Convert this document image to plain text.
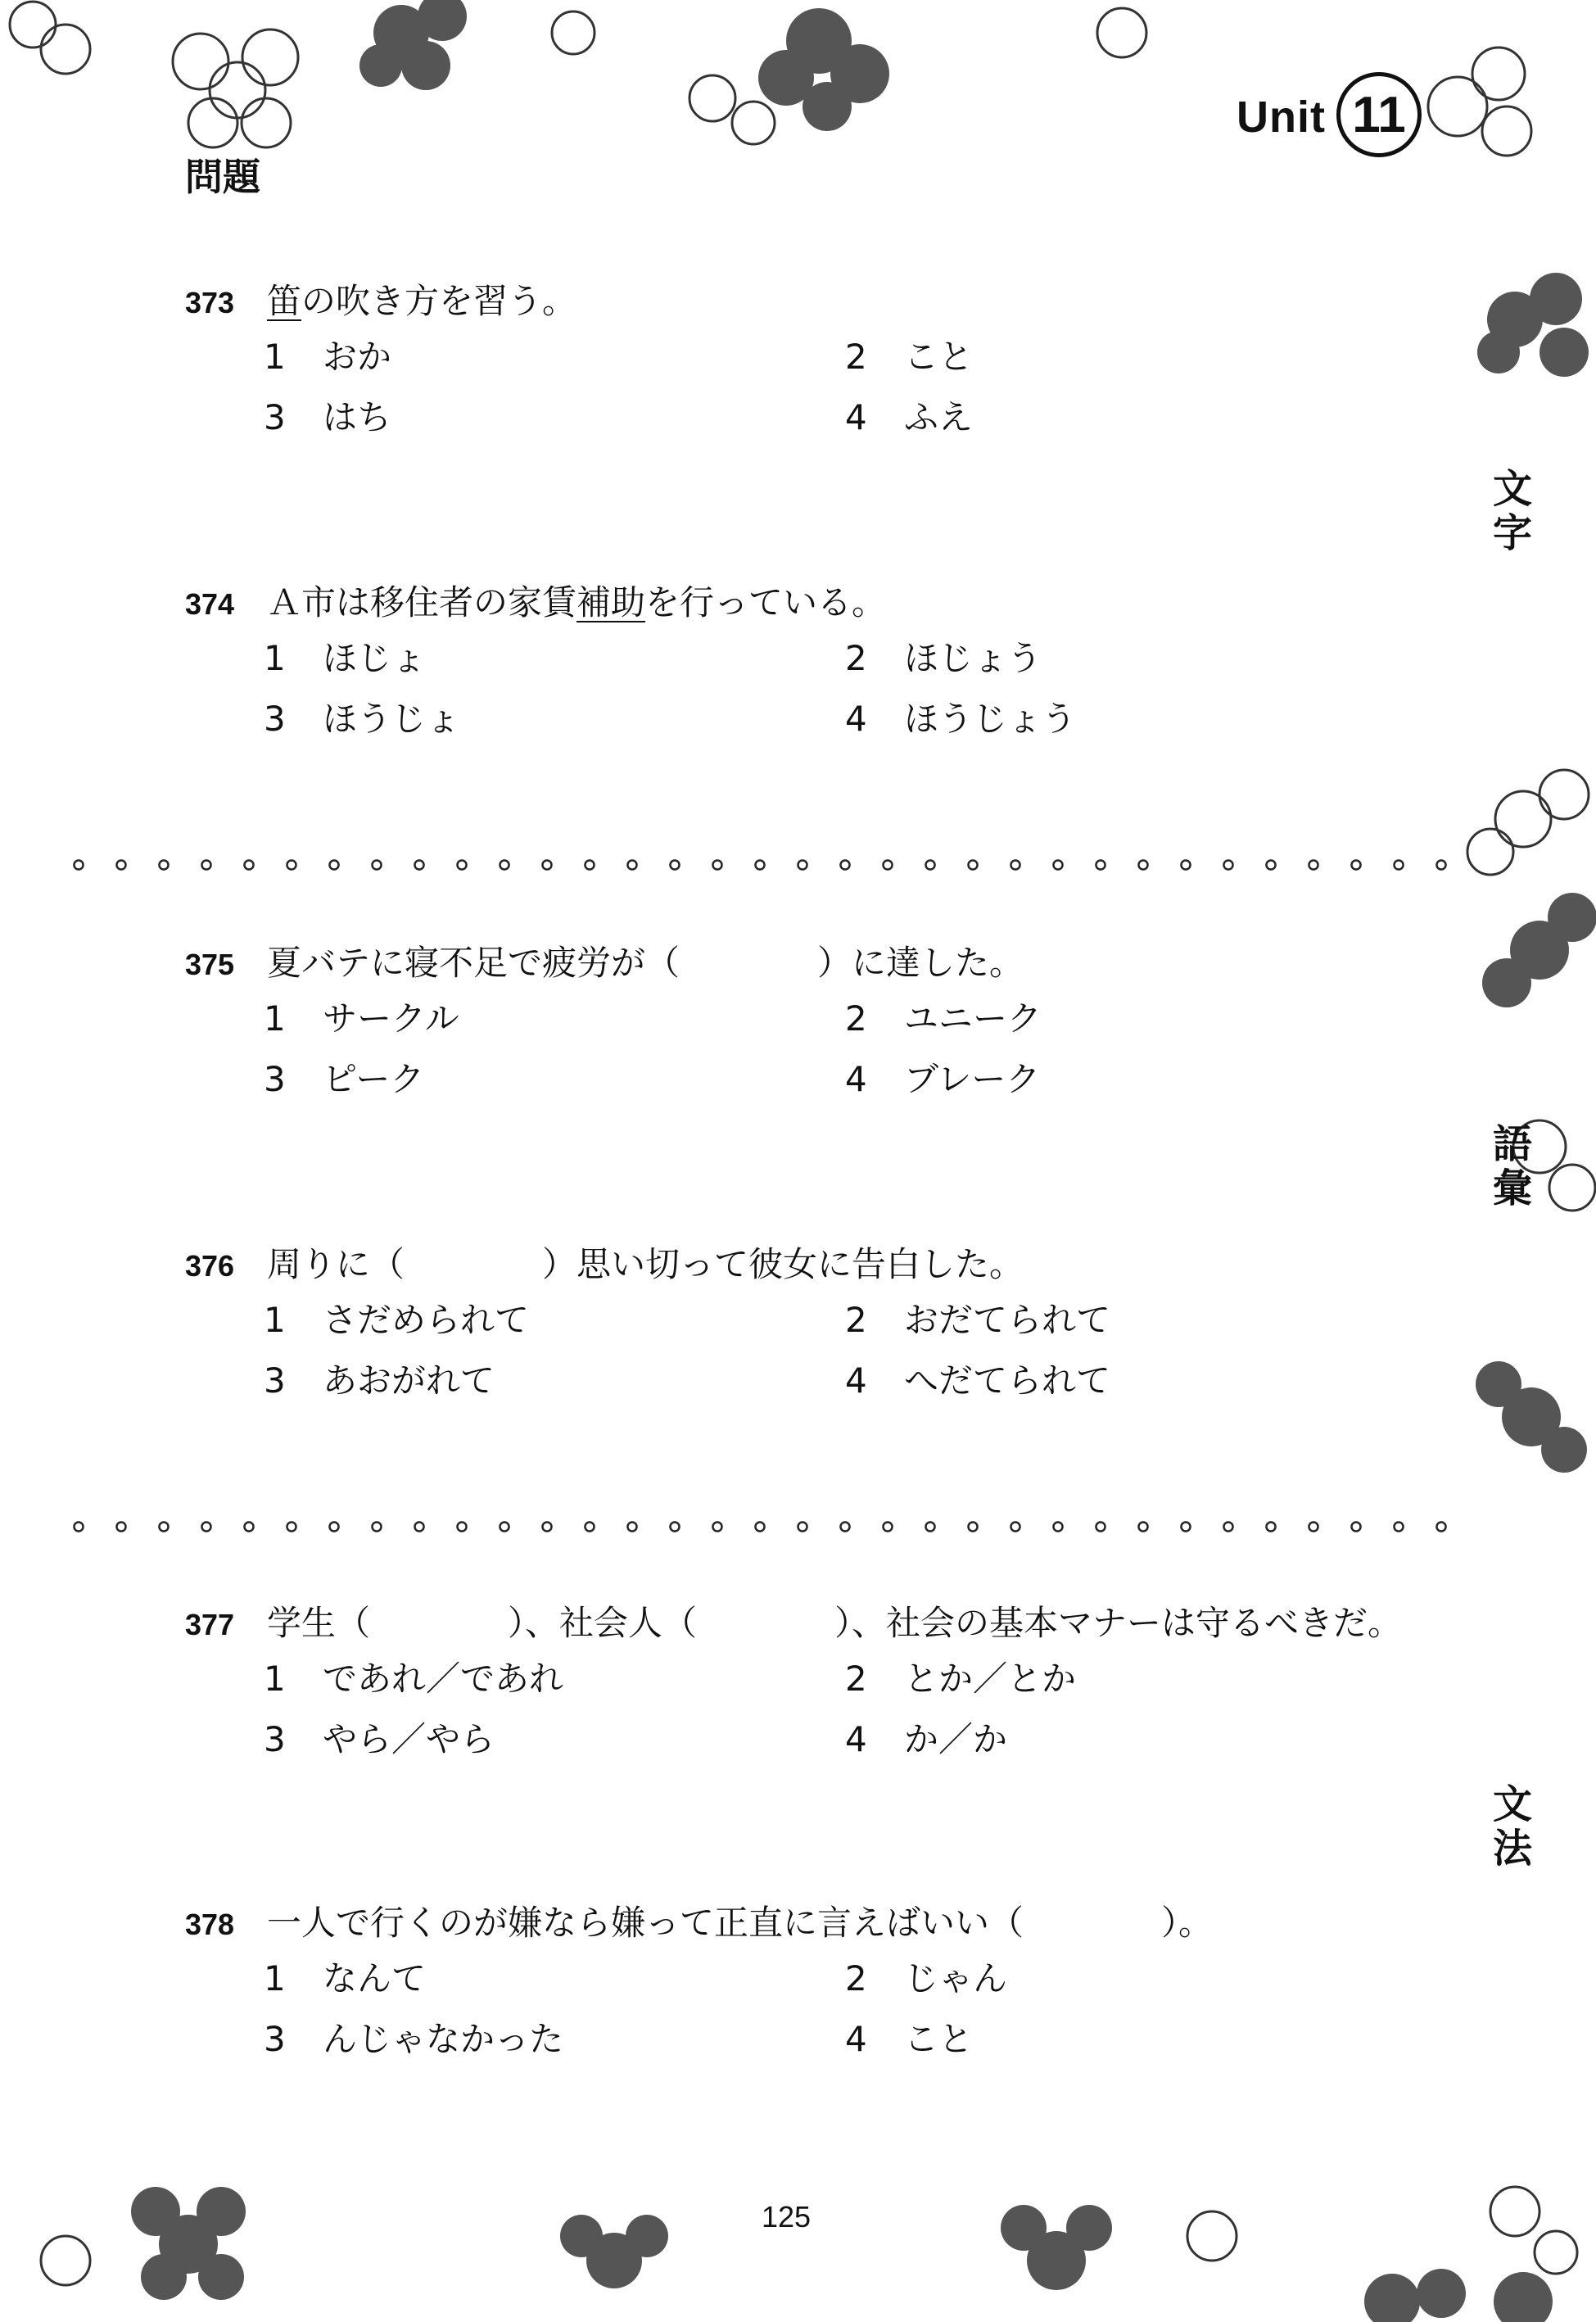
Unit 11
問題
文字
語彙
文法
373 笛の吹き方を習う。
1 おか	2 こと
3 はち	4 ふえ
374 Ａ市は移住者の家賃補助を行っている。
1 ほじょ	2 ほじょう
3 ほうじょ	4 ほうじょう
375 夏バテに寝不足で疲労が（　　　　）に達した。
1 サークル	2 ユニーク
3 ピーク	4 ブレーク
376 周りに（　　　　）思い切って彼女に告白した。
1 さだめられて	2 おだてられて
3 あおがれて	4 へだてられて
377 学生（　　　　）、社会人（　　　　）、社会の基本マナーは守るべきだ。
1 であれ／であれ	2 とか／とか
3 やら／やら	4 か／か
378 一人で行くのが嫌なら嫌って正直に言えばいい（　　　　）。
1 なんて	2 じゃん
3 んじゃなかった	4 こと
125
